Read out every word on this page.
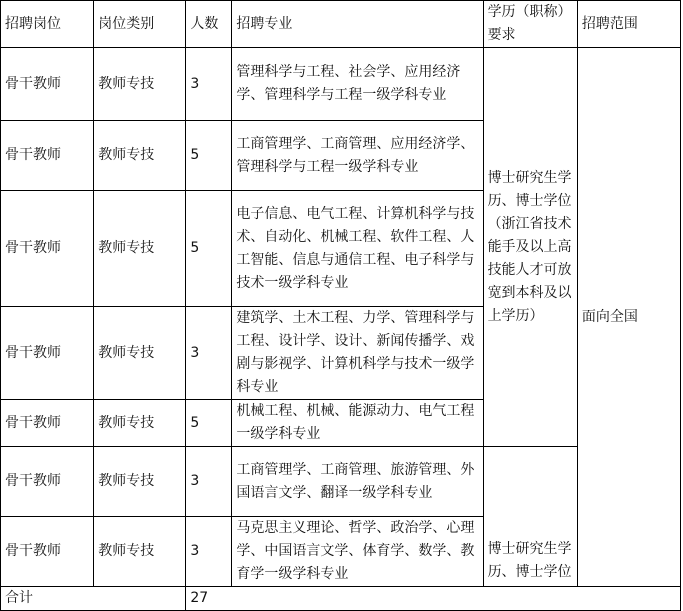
招聘岗位	岗位类别	人数	招聘专业	学历（职称）要求	招聘范围
骨干教师	教师专技	3	管理科学与工程、社会学、应用经济学、管理科学与工程一级学科专业	博士研究生学历、博士学位（浙江省技术能手及以上高技能人才可放宽到本科及以上学历）	面向全国
骨干教师	教师专技	5	工商管理学、工商管理、应用经济学、管理科学与工程一级学科专业		
骨干教师	教师专技	5	电子信息、电气工程、计算机科学与技术、自动化、机械工程、软件工程、人工智能、信息与通信工程、电子科学与技术一级学科专业		
骨干教师	教师专技	3	建筑学、土木工程、力学、管理科学与工程、设计学、设计、新闻传播学、戏剧与影视学、计算机科学与技术一级学科专业		
骨干教师	教师专技	5	机械工程、机械、能源动力、电气工程一级学科专业		
骨干教师	教师专技	3	工商管理学、工商管理、旅游管理、外国语言文学、翻译一级学科专业	博士研究生学历、博士学位	
骨干教师	教师专技	3	马克思主义理论、哲学、政治学、心理学、中国语言文学、体育学、数学、教育学一级学科专业		
合计		27			
